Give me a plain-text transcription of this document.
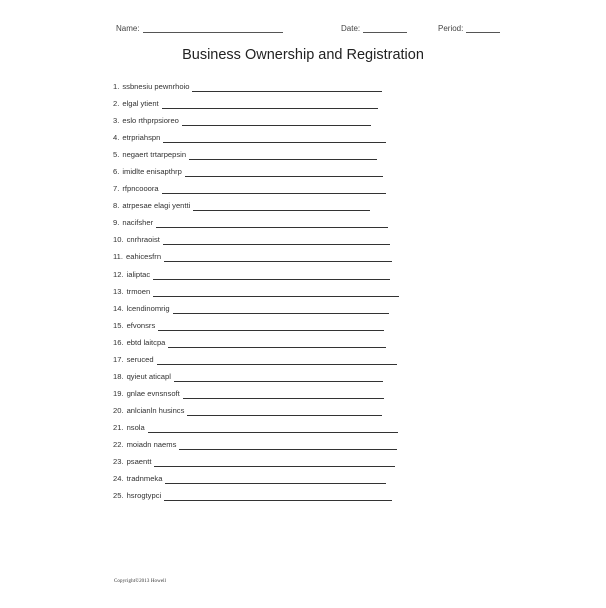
Name:	Date:	Period:
Business Ownership and Registration
1. ssbnesiu pewnrhoio
2. elgal ytient
3. eslo rthprpsioreo
4. etrpriahspn
5. negaert trtarpepsin
6. imidlte enisapthrp
7. rfpncooora
8. atrpesae elagi yentti
9. nacifsher
10. cnrhraoist
11. eahicesfrn
12. ialiptac
13. trmoen
14. lcendinomrig
15. efvonsrs
16. ebtd laitcpa
17. seruced
18. qyieut aticapl
19. gnlae evnsnsoft
20. anlcianln husincs
21. nsola
22. moiadn naems
23. psaentt
24. tradnmeka
25. hsrogtypci
Copyright©2013 Howell
